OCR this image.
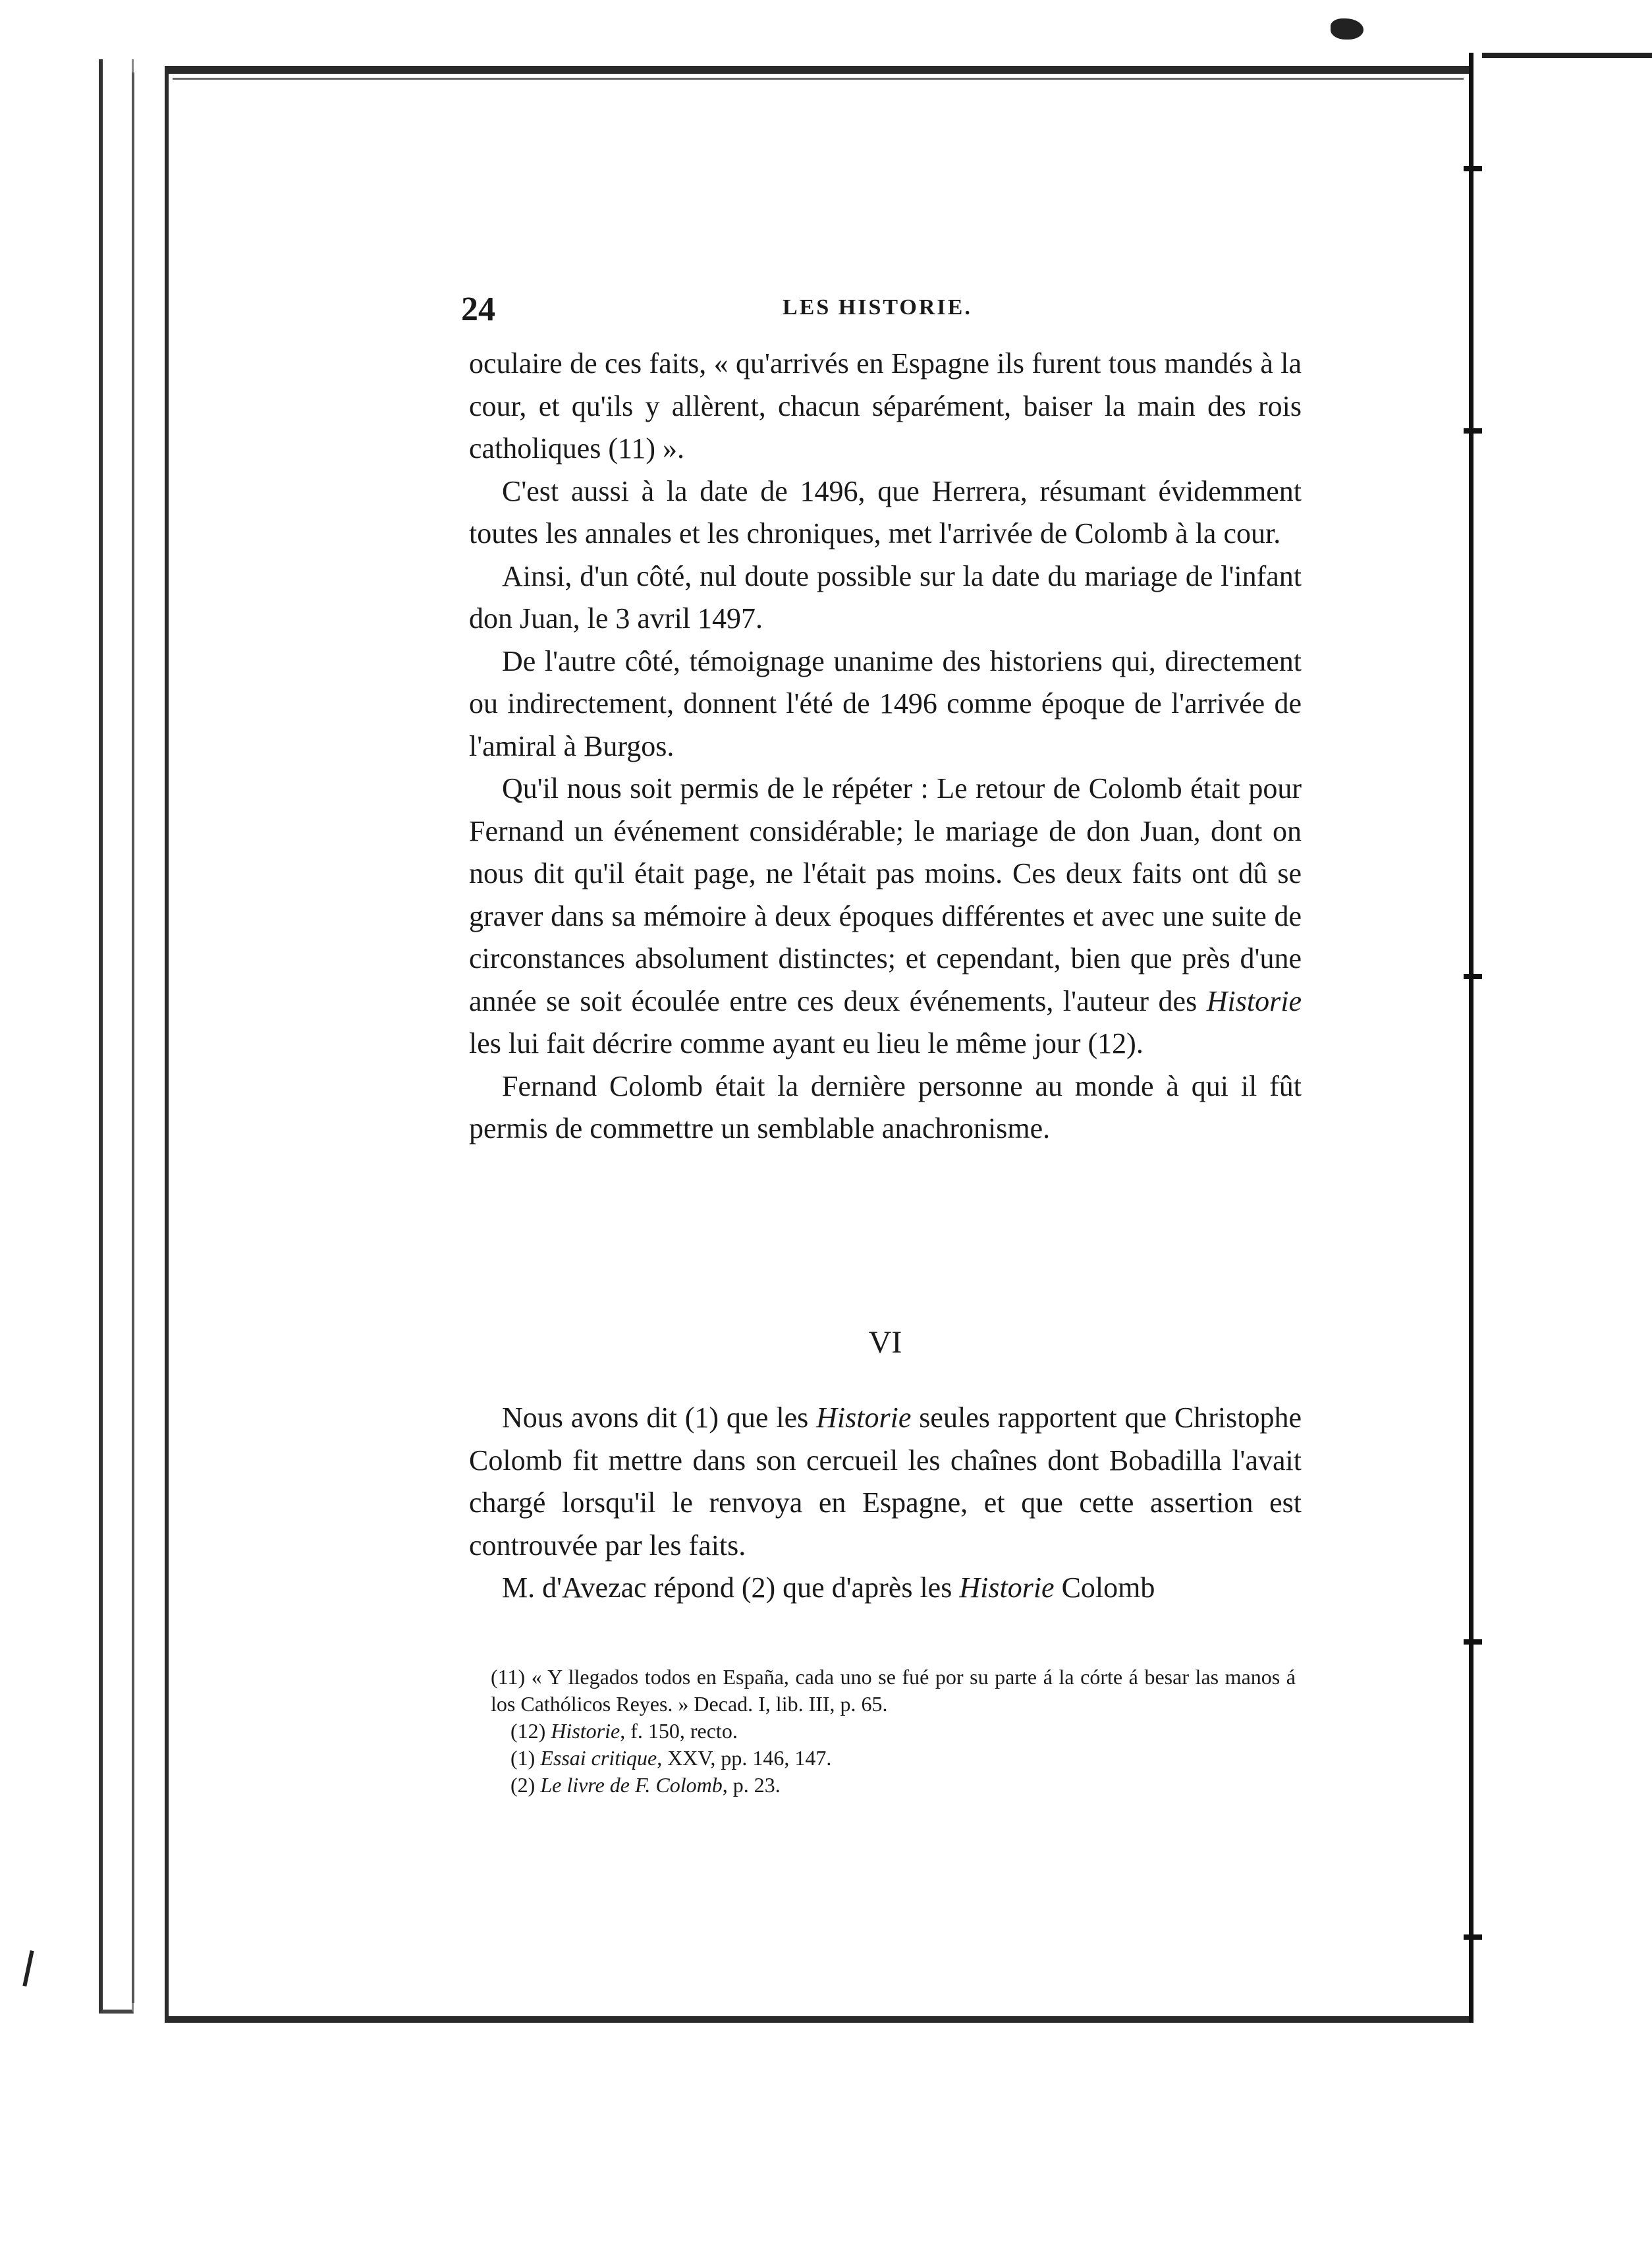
24	LES HISTORIE.

oculaire de ces faits, « qu'arrivés en Espagne ils furent tous mandés à la cour, et qu'ils y allèrent, chacun séparément, baiser la main des rois catholiques (11) ».

C'est aussi à la date de 1496, que Herrera, résumant évidemment toutes les annales et les chroniques, met l'arrivée de Colomb à la cour.

Ainsi, d'un côté, nul doute possible sur la date du mariage de l'infant don Juan, le 3 avril 1497.

De l'autre côté, témoignage unanime des historiens qui, directement ou indirectement, donnent l'été de 1496 comme époque de l'arrivée de l'amiral à Burgos.

Qu'il nous soit permis de le répéter : Le retour de Colomb était pour Fernand un événement considérable; le mariage de don Juan, dont on nous dit qu'il était page, ne l'était pas moins. Ces deux faits ont dû se graver dans sa mémoire à deux époques différentes et avec une suite de circonstances absolument distinctes; et cependant, bien que près d'une année se soit écoulée entre ces deux événements, l'auteur des Historie les lui fait décrire comme ayant eu lieu le même jour (12).

Fernand Colomb était la dernière personne au monde à qui il fût permis de commettre un semblable anachronisme.

VI

Nous avons dit (1) que les Historie seules rapportent que Christophe Colomb fit mettre dans son cercueil les chaînes dont Bobadilla l'avait chargé lorsqu'il le renvoya en Espagne, et que cette assertion est controuvée par les faits.

M. d'Avezac répond (2) que d'après les Historie Colomb

(11) « Y llegados todos en España, cada uno se fué por su parte á la córte á besar las manos á los Cathólicos Reyes. » Decad. I, lib. III, p. 65.

(12) Historie, f. 150, recto.

(1) Essai critique, XXV, pp. 146, 147.

(2) Le livre de F. Colomb, p. 23.
